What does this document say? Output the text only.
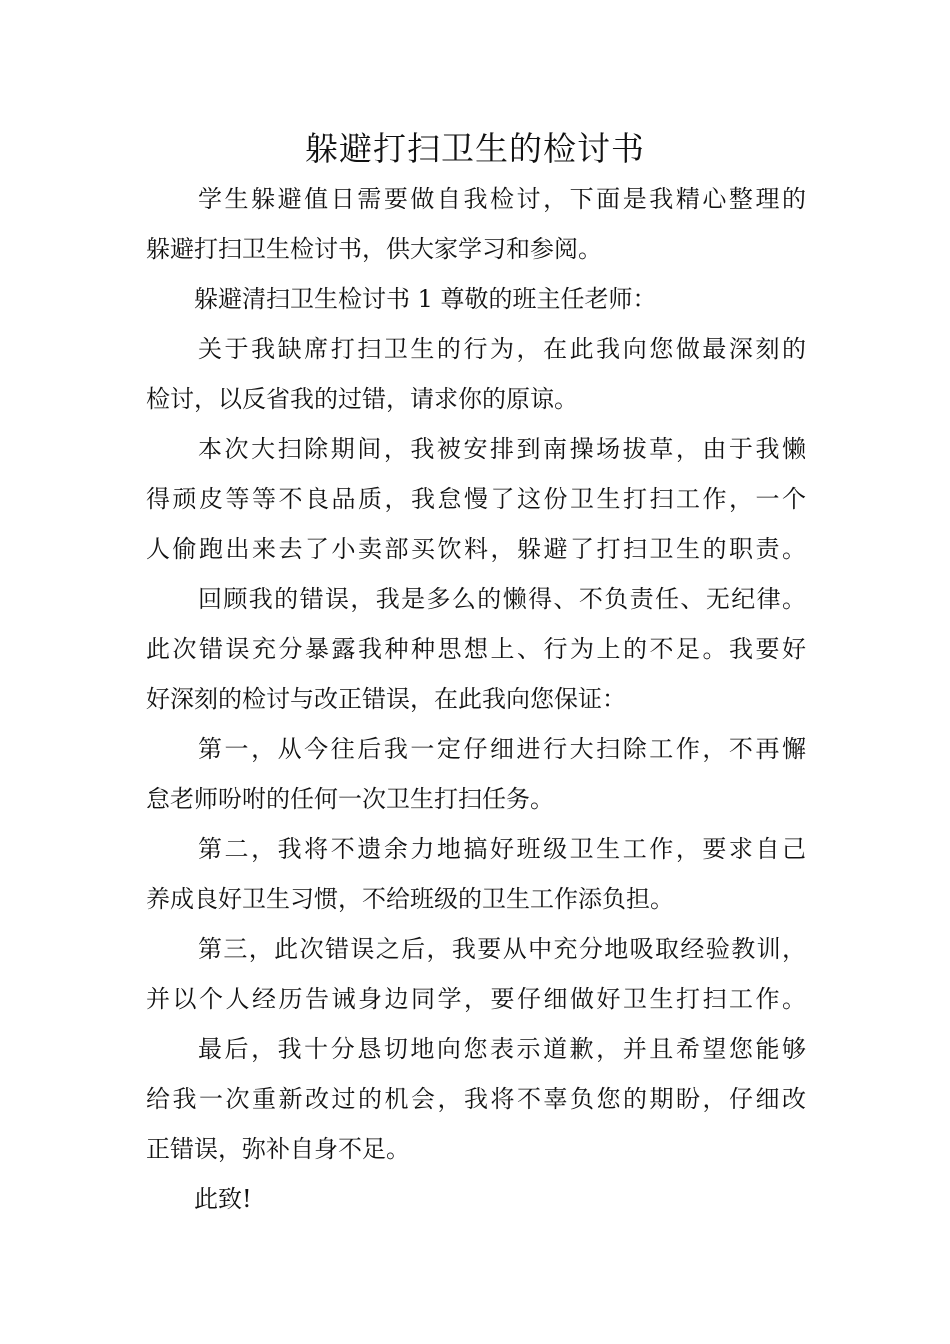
躲避打扫卫生的检讨书

学生躲避值日需要做自我检讨，下面是我精心整理的

躲避打扫卫生检讨书，供大家学习和参阅。

躲避清扫卫生检讨书 1 尊敬的班主任老师：

关于我缺席打扫卫生的行为，在此我向您做最深刻的

检讨，以反省我的过错，请求你的原谅。

本次大扫除期间，我被安排到南操场拔草，由于我懒

得顽皮等等不良品质，我怠慢了这份卫生打扫工作，一个

人偷跑出来去了小卖部买饮料，躲避了打扫卫生的职责。

回顾我的错误，我是多么的懒得、不负责任、无纪律。

此次错误充分暴露我种种思想上、行为上的不足。我要好

好深刻的检讨与改正错误，在此我向您保证：

第一，从今往后我一定仔细进行大扫除工作，不再懈

怠老师吩咐的任何一次卫生打扫任务。

第二，我将不遗余力地搞好班级卫生工作，要求自己

养成良好卫生习惯，不给班级的卫生工作添负担。

第三，此次错误之后，我要从中充分地吸取经验教训，

并以个人经历告诫身边同学，要仔细做好卫生打扫工作。

最后，我十分恳切地向您表示道歉，并且希望您能够

给我一次重新改过的机会，我将不辜负您的期盼，仔细改

正错误，弥补自身不足。

此致!
